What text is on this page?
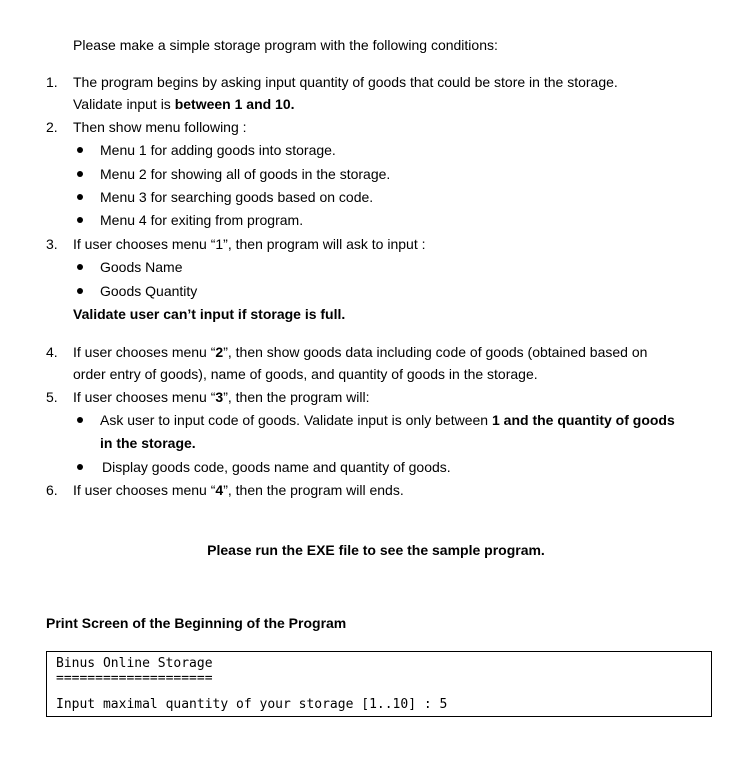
Please make a simple storage program with the following conditions:
1. The program begins by asking input quantity of goods that could be store in the storage.
Validate input is between 1 and 10.
2. Then show menu following :
Menu 1 for adding goods into storage.
Menu 2 for showing all of goods in the storage.
Menu 3 for searching goods based on code.
Menu 4 for exiting from program.
3. If user chooses menu “1”, then program will ask to input :
Goods Name
Goods Quantity
Validate user can’t input if storage is full.
4. If user chooses menu “2”, then show goods data including code of goods (obtained based on
order entry of goods), name of goods, and quantity of goods in the storage.
5. If user chooses menu “3”, then the program will:
Ask user to input code of goods. Validate input is only between 1 and the quantity of goods
in the storage.
Display goods code, goods name and quantity of goods.
6. If user chooses menu “4”, then the program will ends.
Please run the EXE file to see the sample program.
Print Screen of the Beginning of the Program
Binus Online Storage
====================
Input maximal quantity of your storage [1..10] : 5
